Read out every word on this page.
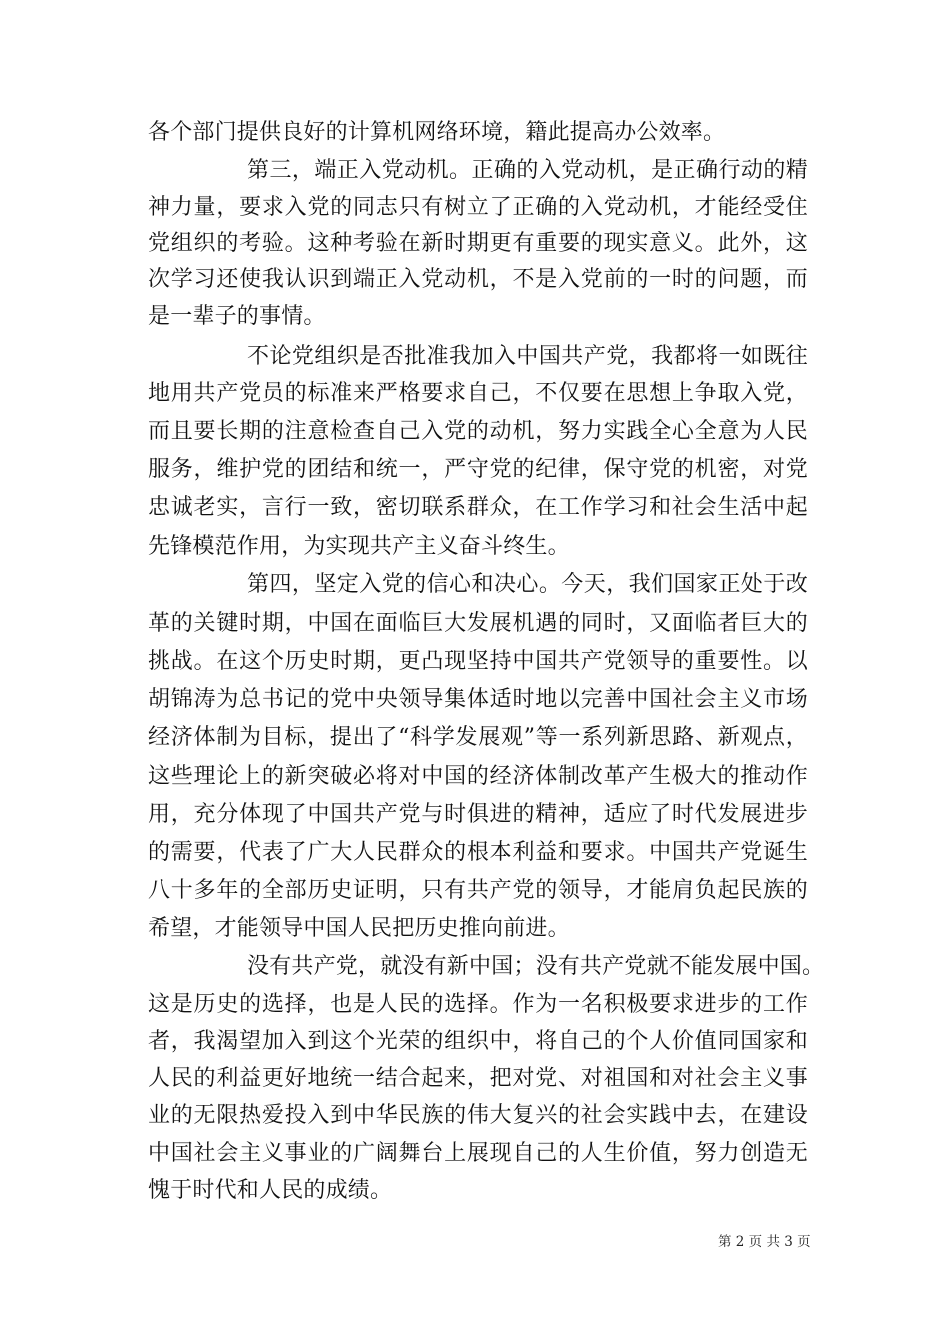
各个部门提供良好的计算机网络环境，籍此提高办公效率。
第三，端正入党动机。正确的入党动机，是正确行动的精
神力量，要求入党的同志只有树立了正确的入党动机，才能经受住
党组织的考验。这种考验在新时期更有重要的现实意义。此外，这
次学习还使我认识到端正入党动机，不是入党前的一时的问题，而
是一辈子的事情。
不论党组织是否批准我加入中国共产党，我都将一如既往
地用共产党员的标准来严格要求自己，不仅要在思想上争取入党，
而且要长期的注意检查自己入党的动机，努力实践全心全意为人民
服务，维护党的团结和统一，严守党的纪律，保守党的机密，对党
忠诚老实，言行一致，密切联系群众，在工作学习和社会生活中起
先锋模范作用，为实现共产主义奋斗终生。
第四，坚定入党的信心和决心。今天，我们国家正处于改
革的关键时期，中国在面临巨大发展机遇的同时，又面临者巨大的
挑战。在这个历史时期，更凸现坚持中国共产党领导的重要性。以
胡锦涛为总书记的党中央领导集体适时地以完善中国社会主义市场
经济体制为目标，提出了“科学发展观”等一系列新思路、新观点，
这些理论上的新突破必将对中国的经济体制改革产生极大的推动作
用，充分体现了中国共产党与时俱进的精神，适应了时代发展进步
的需要，代表了广大人民群众的根本利益和要求。中国共产党诞生
八十多年的全部历史证明，只有共产党的领导，才能肩负起民族的
希望，才能领导中国人民把历史推向前进。
没有共产党，就没有新中国；没有共产党就不能发展中国。
这是历史的选择，也是人民的选择。作为一名积极要求进步的工作
者，我渴望加入到这个光荣的组织中，将自己的个人价值同国家和
人民的利益更好地统一结合起来，把对党、对祖国和对社会主义事
业的无限热爱投入到中华民族的伟大复兴的社会实践中去，在建设
中国社会主义事业的广阔舞台上展现自己的人生价值，努力创造无
愧于时代和人民的成绩。
第 2 页 共 3 页
